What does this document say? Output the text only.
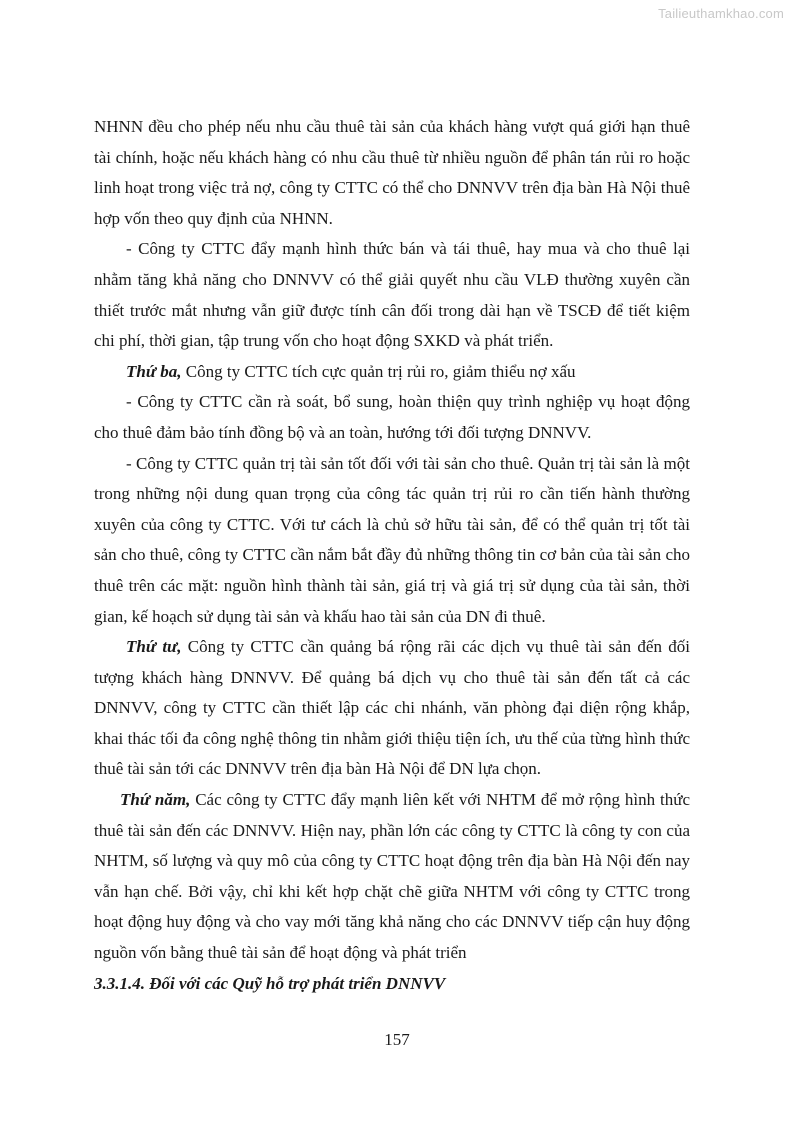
Tailieuthamkhao.com

NHNN đều cho phép nếu nhu cầu thuê tài sản của khách hàng vượt quá giới hạn thuê tài chính, hoặc nếu khách hàng có nhu cầu thuê từ nhiều nguồn để phân tán rủi ro hoặc linh hoạt trong việc trả nợ, công ty CTTC có thể cho DNNVV trên địa bàn Hà Nội thuê hợp vốn theo quy định của NHNN.

- Công ty CTTC đẩy mạnh hình thức bán và tái thuê, hay mua và cho thuê lại nhằm tăng khả năng cho DNNVV có thể giải quyết nhu cầu VLĐ thường xuyên cần thiết trước mắt nhưng vẫn giữ được tính cân đối trong dài hạn về TSCĐ để tiết kiệm chi phí, thời gian, tập trung vốn cho hoạt động SXKD và phát triển.

Thứ ba, Công ty CTTC tích cực quản trị rủi ro, giảm thiểu nợ xấu

- Công ty CTTC cần rà soát, bổ sung, hoàn thiện quy trình nghiệp vụ hoạt động cho thuê đảm bảo tính đồng bộ và an toàn, hướng tới đối tượng DNNVV.

- Công ty CTTC quản trị tài sản tốt đối với tài sản cho thuê. Quản trị tài sản là một trong những nội dung quan trọng của công tác quản trị rủi ro cần tiến hành thường xuyên của công ty CTTC. Với tư cách là chủ sở hữu tài sản, để có thể quản trị tốt tài sản cho thuê, công ty CTTC cần nắm bắt đầy đủ những thông tin cơ bản của tài sản cho thuê trên các mặt: nguồn hình thành tài sản, giá trị và giá trị sử dụng của tài sản, thời gian, kế hoạch sử dụng tài sản và khấu hao tài sản của DN đi thuê.

Thứ tư, Công ty CTTC cần quảng bá rộng rãi các dịch vụ thuê tài sản đến đối tượng khách hàng DNNVV. Để quảng bá dịch vụ cho thuê tài sản đến tất cả các DNNVV, công ty CTTC cần thiết lập các chi nhánh, văn phòng đại diện rộng khắp, khai thác tối đa công nghệ thông tin nhằm giới thiệu tiện ích, ưu thế của từng hình thức thuê tài sản tới các DNNVV trên địa bàn Hà Nội để DN lựa chọn.

Thứ năm, Các công ty CTTC đẩy mạnh liên kết với NHTM để mở rộng hình thức thuê tài sản đến các DNNVV. Hiện nay, phần lớn các công ty CTTC là công ty con của NHTM, số lượng và quy mô của công ty CTTC hoạt động trên địa bàn Hà Nội đến nay vẫn hạn chế. Bởi vậy, chỉ khi kết hợp chặt chẽ giữa NHTM với công ty CTTC trong hoạt động huy động và cho vay mới tăng khả năng cho các DNNVV tiếp cận huy động nguồn vốn bằng thuê tài sản để hoạt động và phát triển

3.3.1.4. Đối với các Quỹ hỗ trợ phát triển DNNVV

157
